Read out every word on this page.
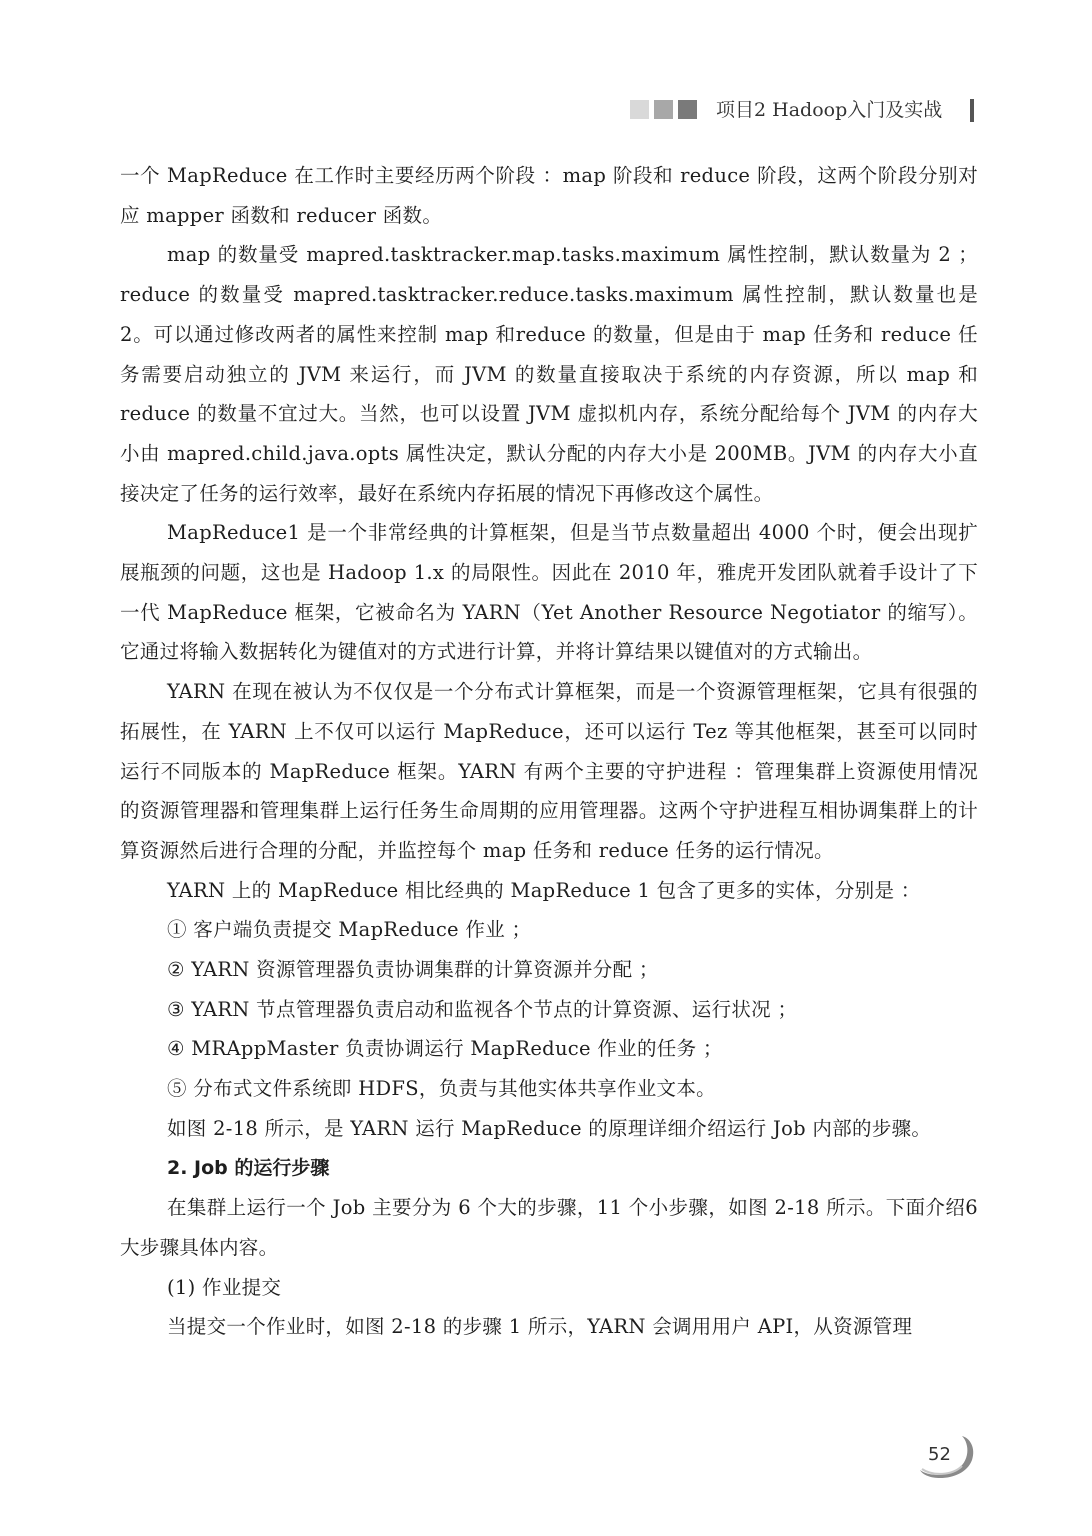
项目2 Hadoop入门及实战

一个 MapReduce 在工作时主要经历两个阶段 ：map 阶段和 reduce 阶段，这两个阶段分别对应 mapper 函数和 reducer 函数。

map 的数量受 mapred.tasktracker.map.tasks.maximum 属性控制，默认数量为 2 ；reduce 的数量受 mapred.tasktracker.reduce.tasks.maximum 属性控制，默认数量也是 2。可以通过修改两者的属性来控制 map 和reduce 的数量，但是由于 map 任务和 reduce 任务需要启动独立的 JVM 来运行，而 JVM 的数量直接取决于系统的内存资源，所以 map 和reduce 的数量不宜过大。当然，也可以设置 JVM 虚拟机内存，系统分配给每个 JVM 的内存大小由 mapred.child.java.opts 属性决定，默认分配的内存大小是 200MB。JVM 的内存大小直接决定了任务的运行效率，最好在系统内存拓展的情况下再修改这个属性。

MapReduce1 是一个非常经典的计算框架，但是当节点数量超出 4000 个时，便会出现扩展瓶颈的问题，这也是 Hadoop 1.x 的局限性。因此在 2010 年，雅虎开发团队就着手设计了下一代 MapReduce 框架，它被命名为 YARN（Yet Another Resource Negotiator 的缩写）。它通过将输入数据转化为键值对的方式进行计算，并将计算结果以键值对的方式输出。

YARN 在现在被认为不仅仅是一个分布式计算框架，而是一个资源管理框架，它具有很强的拓展性，在 YARN 上不仅可以运行 MapReduce，还可以运行 Tez 等其他框架，甚至可以同时运行不同版本的 MapReduce 框架。YARN 有两个主要的守护进程 ：管理集群上资源使用情况的资源管理器和管理集群上运行任务生命周期的应用管理器。这两个守护进程互相协调集群上的计算资源然后进行合理的分配，并监控每个 map 任务和 reduce 任务的运行情况。

YARN 上的 MapReduce 相比经典的 MapReduce 1 包含了更多的实体，分别是 ：

① 客户端负责提交 MapReduce 作业 ；

② YARN 资源管理器负责协调集群的计算资源并分配 ；

③ YARN 节点管理器负责启动和监视各个节点的计算资源、运行状况 ；

④ MRAppMaster 负责协调运行 MapReduce 作业的任务 ；

⑤ 分布式文件系统即 HDFS，负责与其他实体共享作业文本。

如图 2-18 所示，是 YARN 运行 MapReduce 的原理详细介绍运行 Job 内部的步骤。

2. Job 的运行步骤

在集群上运行一个 Job 主要分为 6 个大的步骤，11 个小步骤，如图 2-18 所示。下面介绍6 大步骤具体内容。

(1) 作业提交

当提交一个作业时，如图 2-18 的步骤 1 所示，YARN 会调用用户 API，从资源管理

52
